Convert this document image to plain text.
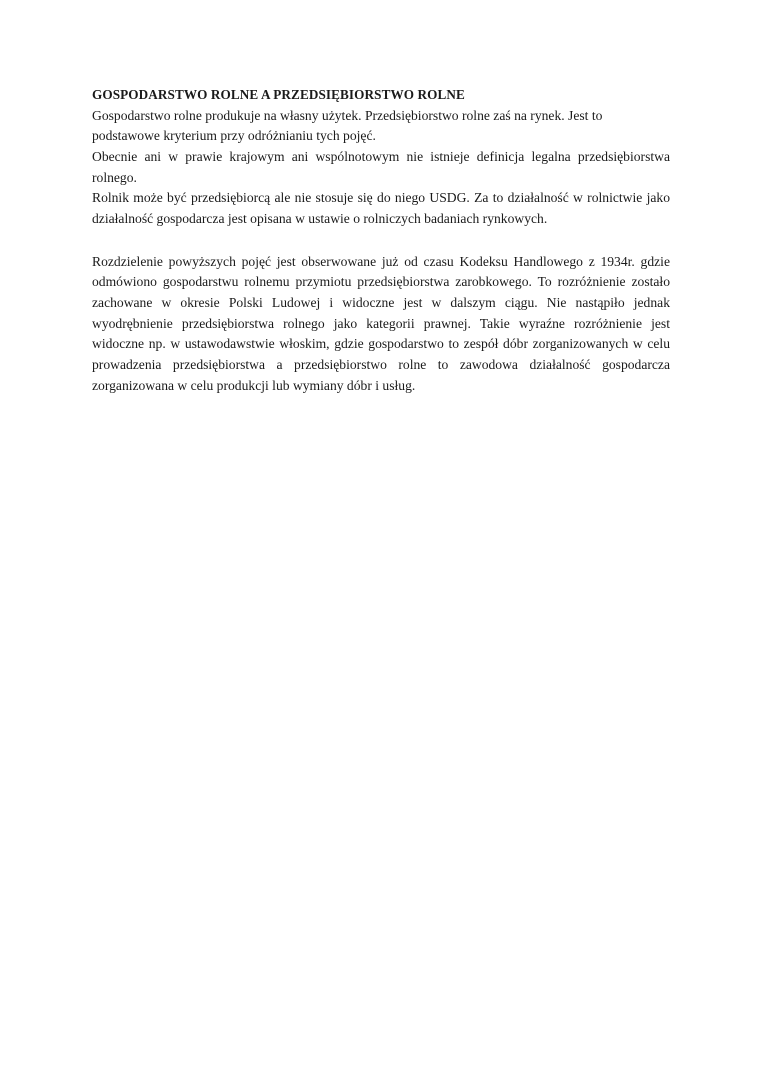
GOSPODARSTWO ROLNE A PRZEDSIĘBIORSTWO ROLNE

Gospodarstwo rolne produkuje na własny użytek. Przedsiębiorstwo rolne zaś na rynek. Jest to podstawowe kryterium przy odróżnianiu tych pojęć.

Obecnie ani w prawie krajowym ani wspólnotowym nie istnieje definicja legalna przedsiębiorstwa rolnego.

Rolnik może być przedsiębiorcą ale nie stosuje się do niego USDG. Za to działalność w rolnictwie jako działalność gospodarcza jest opisana w ustawie o rolniczych badaniach rynkowych.

Rozdzielenie powyższych pojęć jest obserwowane już od czasu Kodeksu Handlowego z 1934r. gdzie odmówiono gospodarstwu rolnemu przymiotu przedsiębiorstwa zarobkowego. To rozróżnienie zostało zachowane w okresie Polski Ludowej i widoczne jest w dalszym ciągu. Nie nastąpiło jednak wyodrębnienie przedsiębiorstwa rolnego jako kategorii prawnej. Takie wyraźne rozróżnienie jest widoczne np. w ustawodawstwie włoskim, gdzie gospodarstwo to zespół dóbr zorganizowanych w celu prowadzenia przedsiębiorstwa a przedsiębiorstwo rolne to zawodowa działalność gospodarcza zorganizowana w celu produkcji lub wymiany dóbr i usług.
